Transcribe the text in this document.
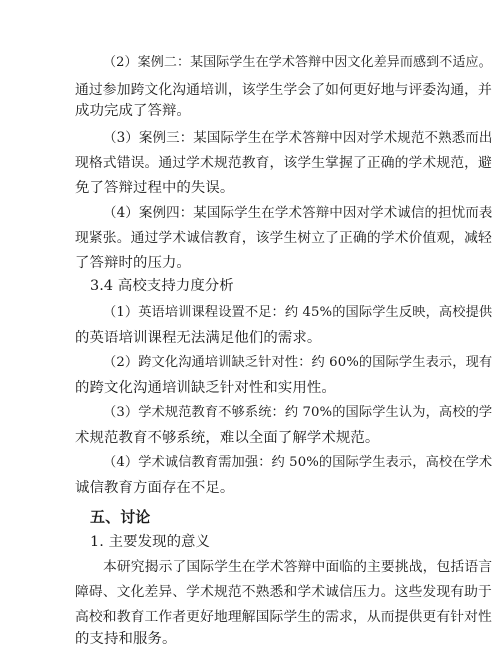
（2）案例二：某国际学生在学术答辩中因文化差异而感到不适应。
通过参加跨文化沟通培训，该学生学会了如何更好地与评委沟通，并
成功完成了答辩。
（3）案例三：某国际学生在学术答辩中因对学术规范不熟悉而出
现格式错误。通过学术规范教育，该学生掌握了正确的学术规范，避
免了答辩过程中的失误。
（4）案例四：某国际学生在学术答辩中因对学术诚信的担忧而表
现紧张。通过学术诚信教育，该学生树立了正确的学术价值观，减轻
了答辩时的压力。
3.4 高校支持力度分析
（1）英语培训课程设置不足：约 45%的国际学生反映，高校提供
的英语培训课程无法满足他们的需求。
（2）跨文化沟通培训缺乏针对性：约 60%的国际学生表示，现有
的跨文化沟通培训缺乏针对性和实用性。
（3）学术规范教育不够系统：约 70%的国际学生认为，高校的学
术规范教育不够系统，难以全面了解学术规范。
（4）学术诚信教育需加强：约 50%的国际学生表示，高校在学术
诚信教育方面存在不足。
五、讨论
1. 主要发现的意义
本研究揭示了国际学生在学术答辩中面临的主要挑战，包括语言
障碍、文化差异、学术规范不熟悉和学术诚信压力。这些发现有助于
高校和教育工作者更好地理解国际学生的需求，从而提供更有针对性
的支持和服务。
